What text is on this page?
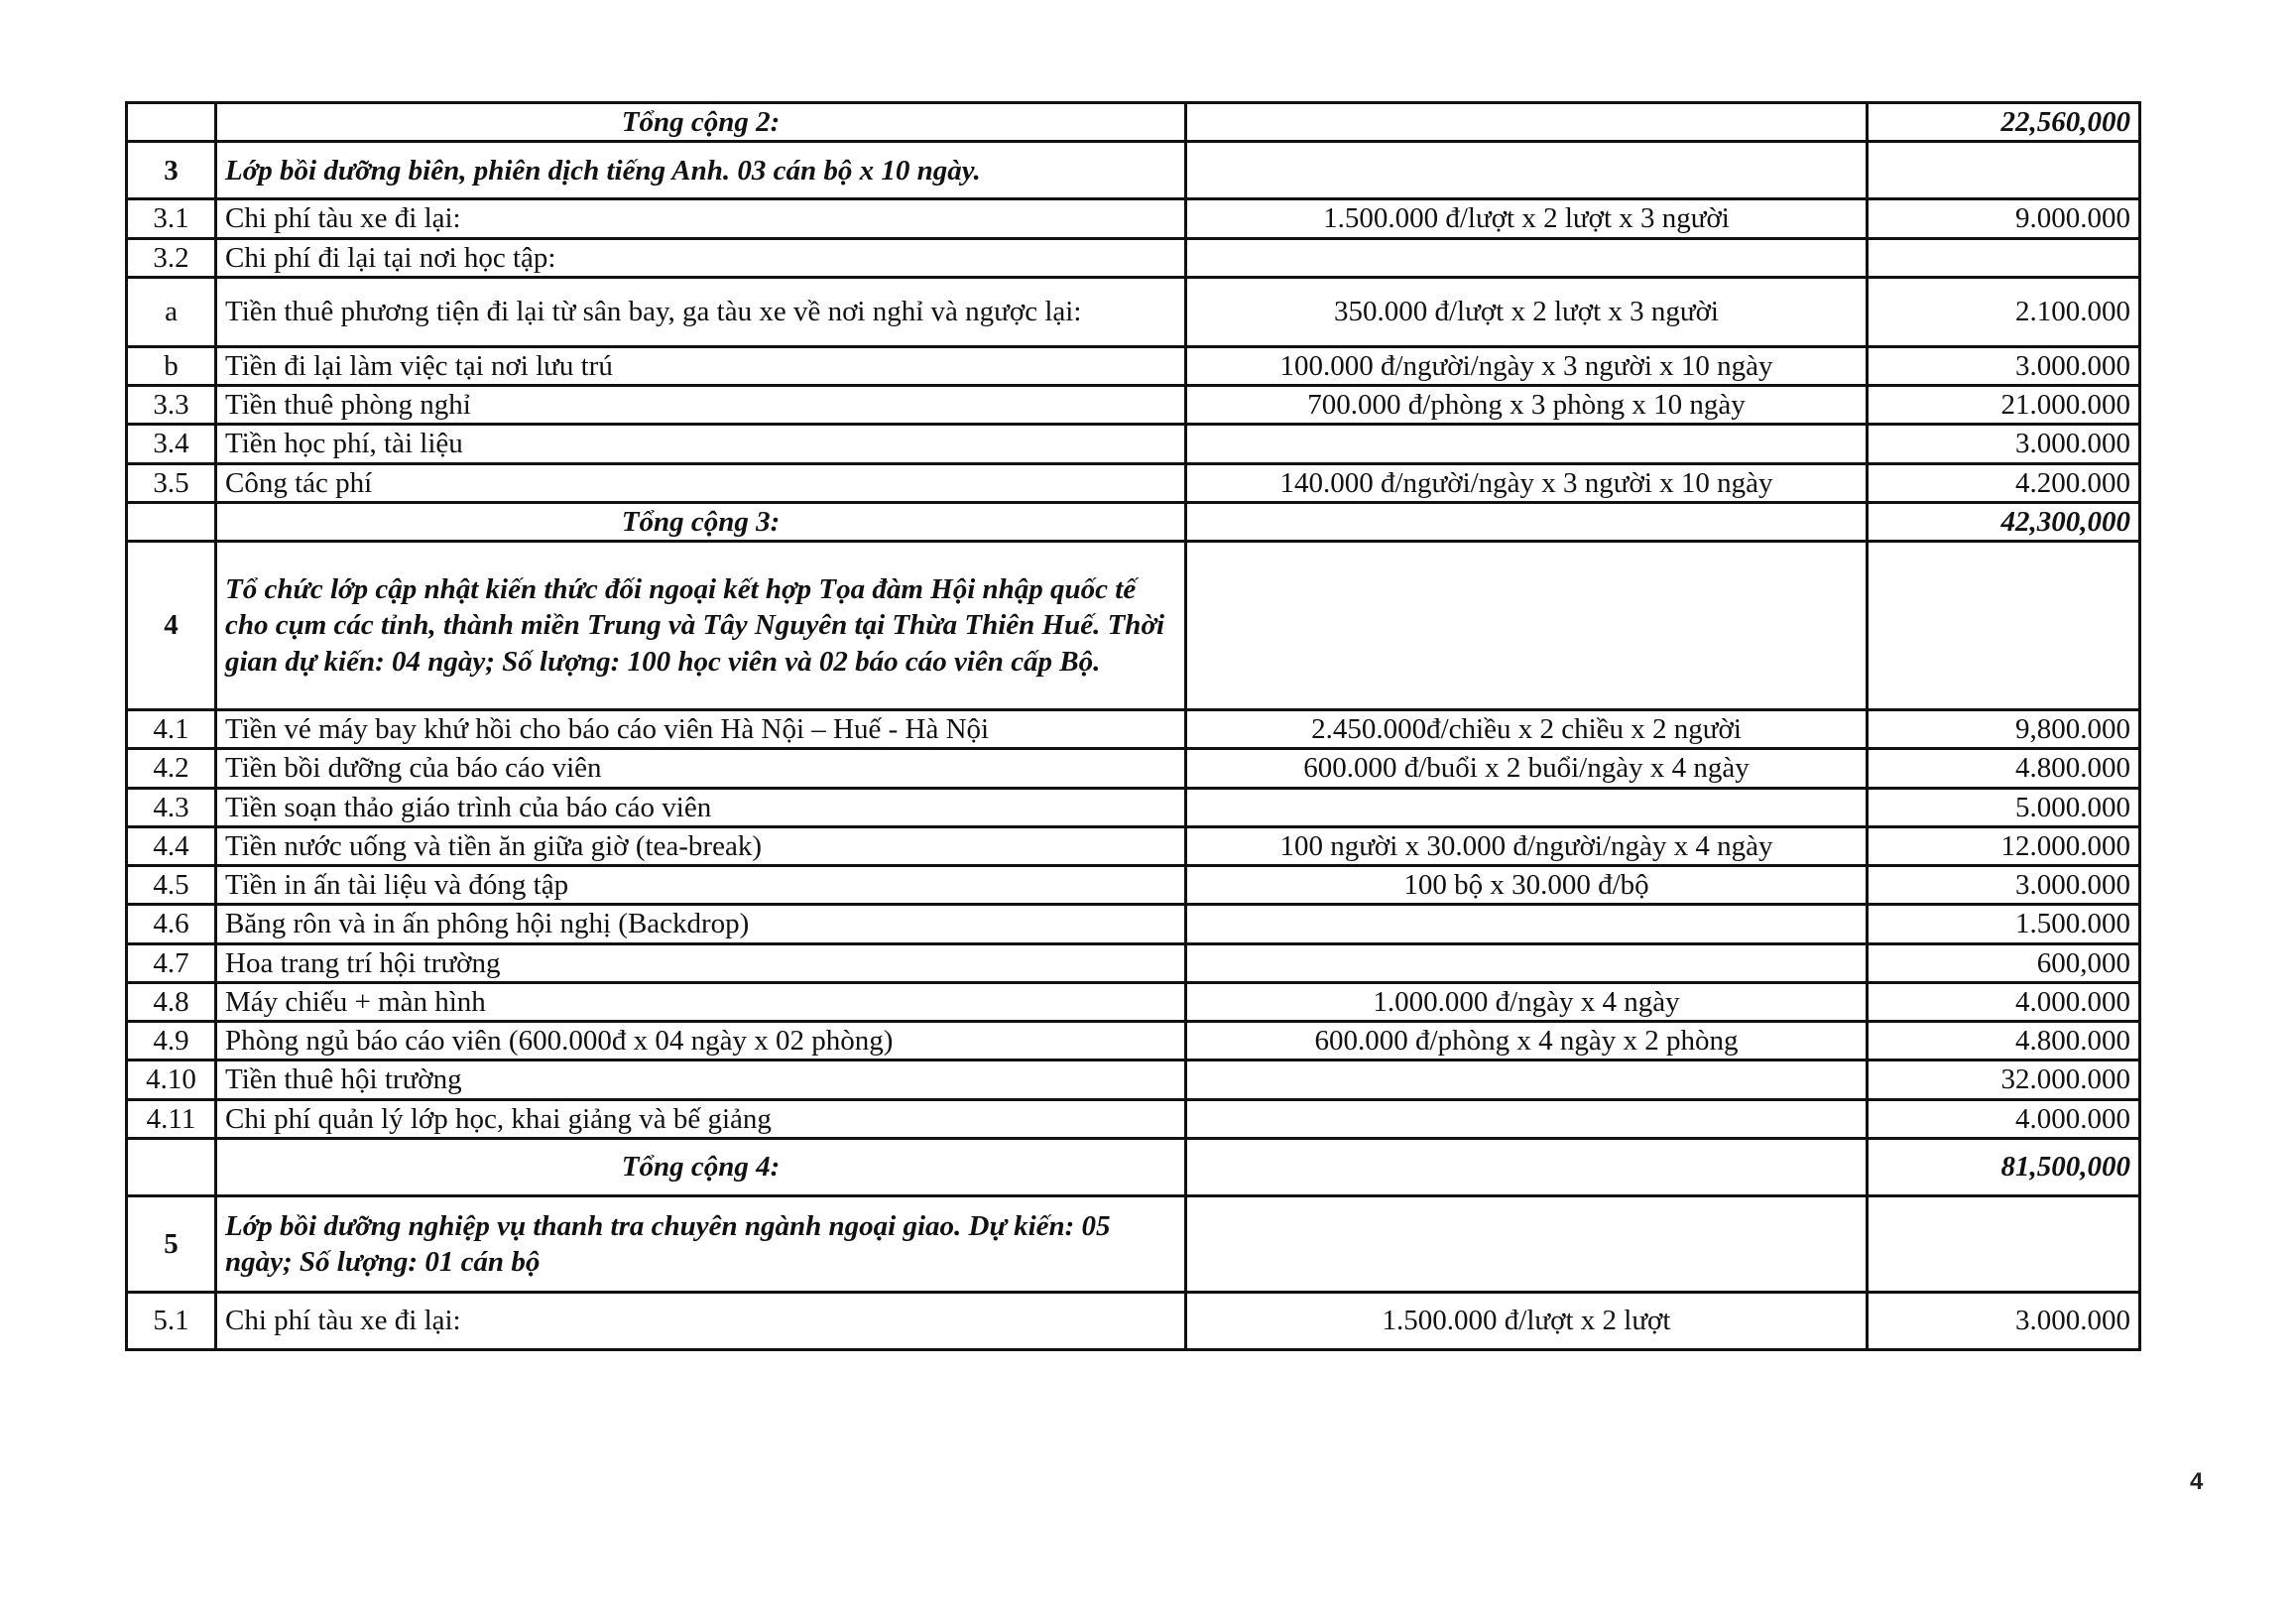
	Tổng cộng 2:		22,560,000
3	Lớp bồi dưỡng biên, phiên dịch tiếng Anh. 03 cán bộ x 10 ngày.		
3.1	Chi phí tàu xe đi lại:	1.500.000 đ/lượt x 2 lượt x 3 người	9.000.000
3.2	Chi phí đi lại tại nơi học tập:		
a	Tiền thuê phương tiện đi lại từ sân bay, ga tàu xe về nơi nghỉ và ngược lại:	350.000 đ/lượt x 2 lượt x 3 người	2.100.000
b	Tiền đi lại làm việc tại nơi lưu trú	100.000 đ/người/ngày x 3 người x 10 ngày	3.000.000
3.3	Tiền thuê phòng nghỉ	700.000 đ/phòng x 3 phòng x 10 ngày	21.000.000
3.4	Tiền học phí, tài liệu		3.000.000
3.5	Công tác phí	140.000 đ/người/ngày x 3 người x 10 ngày	4.200.000
	Tổng cộng 3:		42,300,000
4	Tổ chức lớp cập nhật kiến thức đối ngoại kết hợp Tọa đàm Hội nhập quốc tế cho cụm các tỉnh, thành miền Trung và Tây Nguyên tại Thừa Thiên Huế. Thời gian dự kiến: 04 ngày; Số lượng: 100 học viên và 02 báo cáo viên cấp Bộ.		
4.1	Tiền vé máy bay khứ hồi cho báo cáo viên Hà Nội – Huế - Hà Nội	2.450.000đ/chiều x 2 chiều x 2 người	9,800.000
4.2	Tiền bồi dưỡng của báo cáo viên	600.000 đ/buổi x 2 buổi/ngày x 4 ngày	4.800.000
4.3	Tiền soạn thảo giáo trình của báo cáo viên		5.000.000
4.4	Tiền nước uống và tiền ăn giữa giờ (tea-break)	100 người x 30.000 đ/người/ngày x 4 ngày	12.000.000
4.5	Tiền in ấn tài liệu và đóng tập	100 bộ x 30.000 đ/bộ	3.000.000
4.6	Băng rôn và in ấn phông hội nghị (Backdrop)		1.500.000
4.7	Hoa trang trí hội trường		600,000
4.8	Máy chiếu + màn hình	1.000.000 đ/ngày x 4 ngày	4.000.000
4.9	Phòng ngủ báo cáo viên (600.000đ x 04 ngày x 02 phòng)	600.000 đ/phòng x 4 ngày x 2 phòng	4.800.000
4.10	Tiền thuê hội trường		32.000.000
4.11	Chi phí quản lý lớp học, khai giảng và bế giảng		4.000.000
	Tổng cộng 4:		81,500,000
5	Lớp bồi dưỡng nghiệp vụ thanh tra chuyên ngành ngoại giao. Dự kiến: 05 ngày; Số lượng: 01 cán bộ		
5.1	Chi phí tàu xe đi lại:	1.500.000 đ/lượt x 2 lượt	3.000.000
4
